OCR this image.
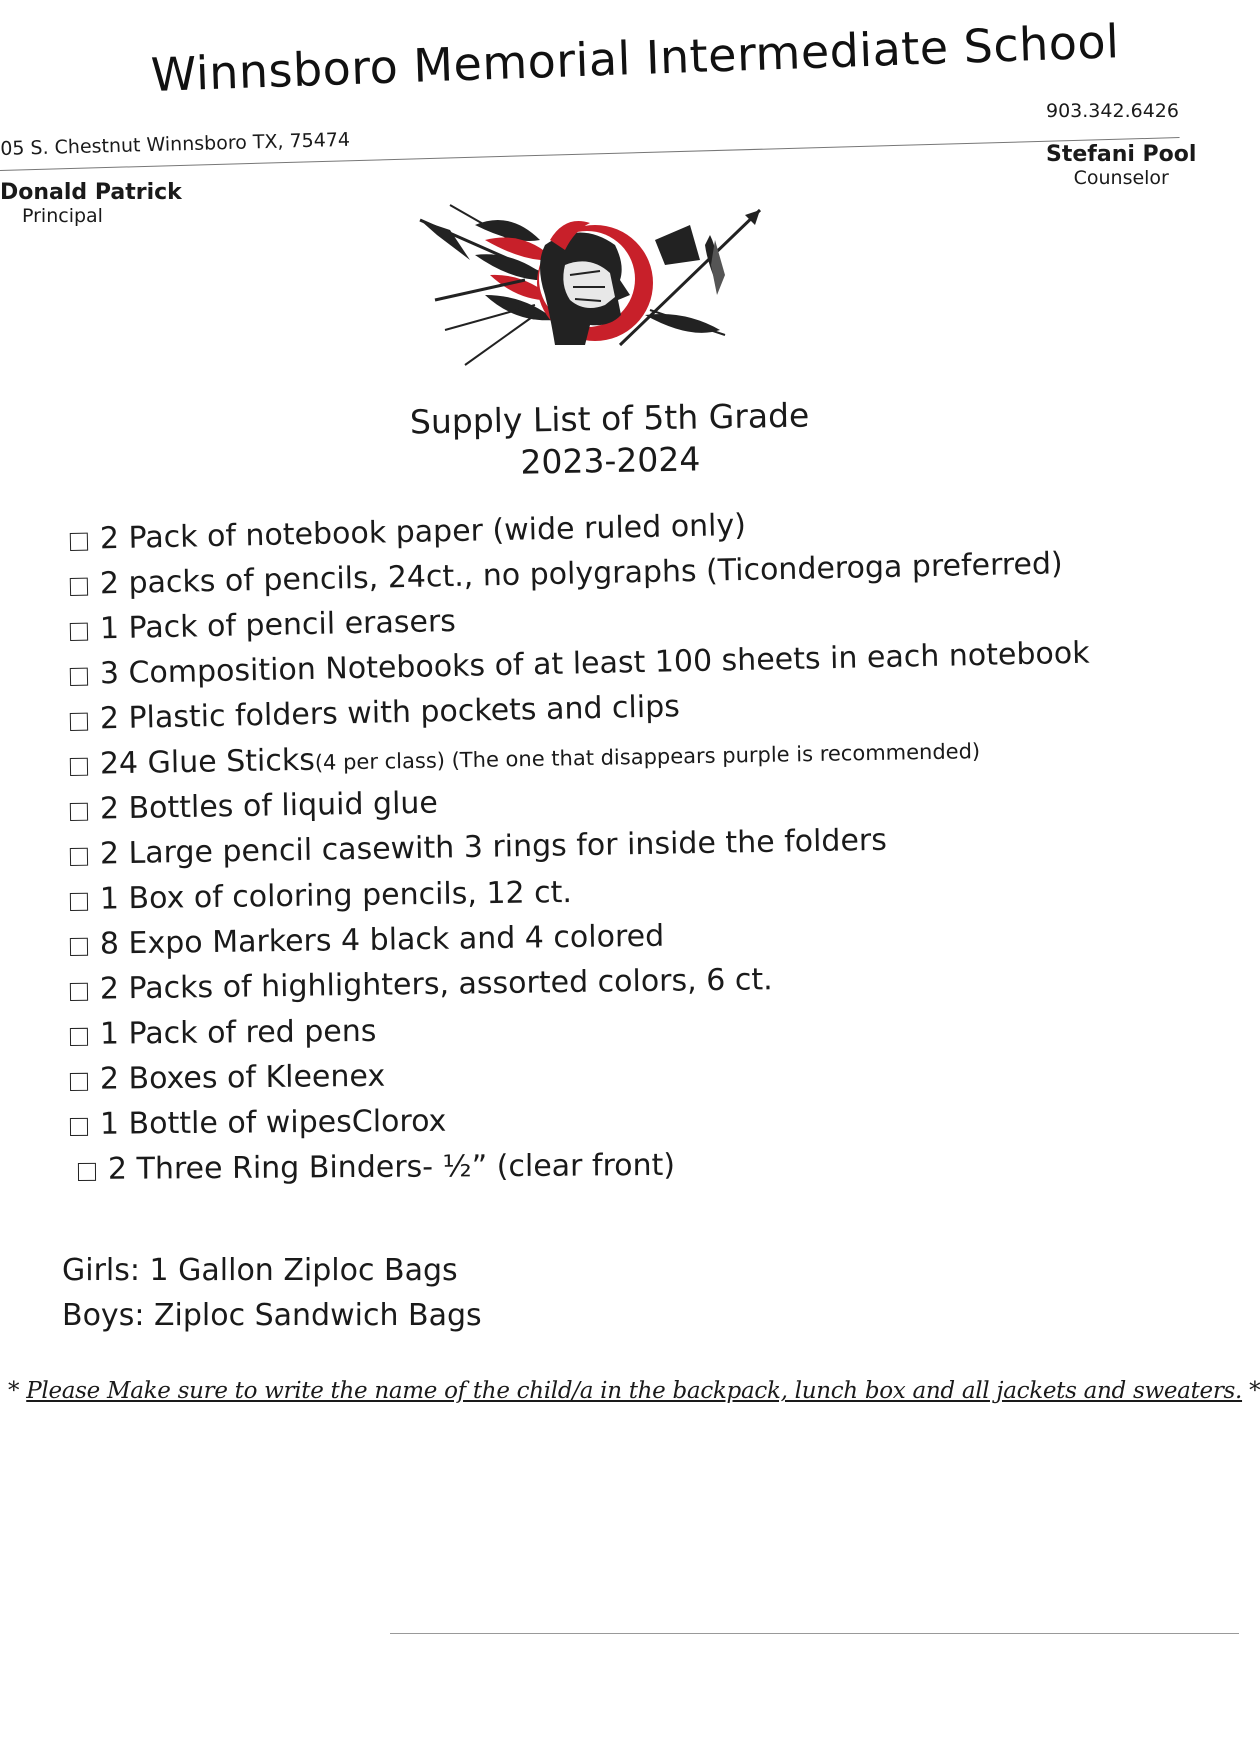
Winnsboro Memorial Intermediate School
903.342.6426
05 S. Chestnut Winnsboro TX, 75474
Donald Patrick
Principal
Stefani Pool
Counselor
Supply List of 5th Grade
2023-2024
2 Pack of notebook paper (wide ruled only)
2 packs of pencils, 24ct., no polygraphs (Ticonderoga preferred)
1 Pack of pencil erasers
3 Composition Notebooks of at least 100 sheets in each notebook
2 Plastic folders with pockets and clips
24 Glue Sticks (4 per class) (The one that disappears purple is recommended)
2 Bottles of liquid glue
2 Large pencil casewith 3 rings for inside the folders
1 Box of coloring pencils, 12 ct.
8 Expo Markers 4 black and 4 colored
2 Packs of highlighters, assorted colors, 6 ct.
1 Pack of red pens
2 Boxes of Kleenex
1 Bottle of wipesClorox
2 Three Ring Binders- ½” (clear front)
Girls: 1 Gallon Ziploc Bags
Boys: Ziploc Sandwich Bags
* Please Make sure to write the name of the child/a in the backpack, lunch box and all jackets and sweaters. *
